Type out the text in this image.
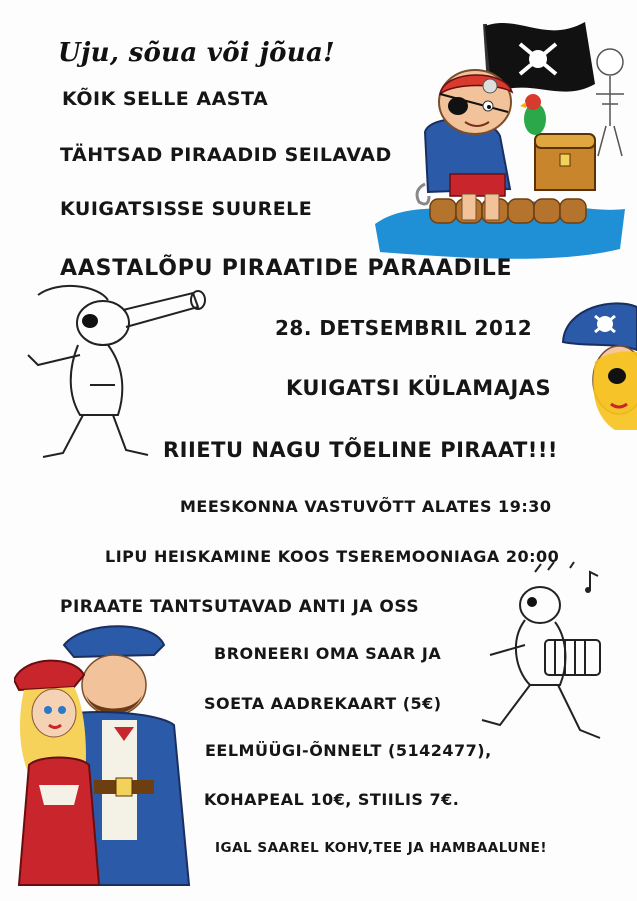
Uju, sõua või jõua!
KÕIK SELLE AASTA
TÄHTSAD PIRAADID SEILAVAD
KUIGATSISSE SUURELE
AASTALÕPU PIRAATIDE PARAADILE
28. DETSEMBRIL 2012
KUIGATSI KÜLAMAJAS
RIIETU NAGU TÕELINE PIRAAT!!!
MEESKONNA VASTUVÕTT ALATES 19:30
LIPU HEISKAMINE KOOS TSEREMOONIAGA 20:00
PIRAATE TANTSUTAVAD ANTI JA OSS
BRONEERI OMA SAAR JA
SOETA AADREKAART (5€)
EELMÜÜGI-ÕNNELT (5142477),
KOHAPEAL 10€, STIILIS 7€.
IGAL SAAREL KOHV,TEE JA HAMBAALUNE!
